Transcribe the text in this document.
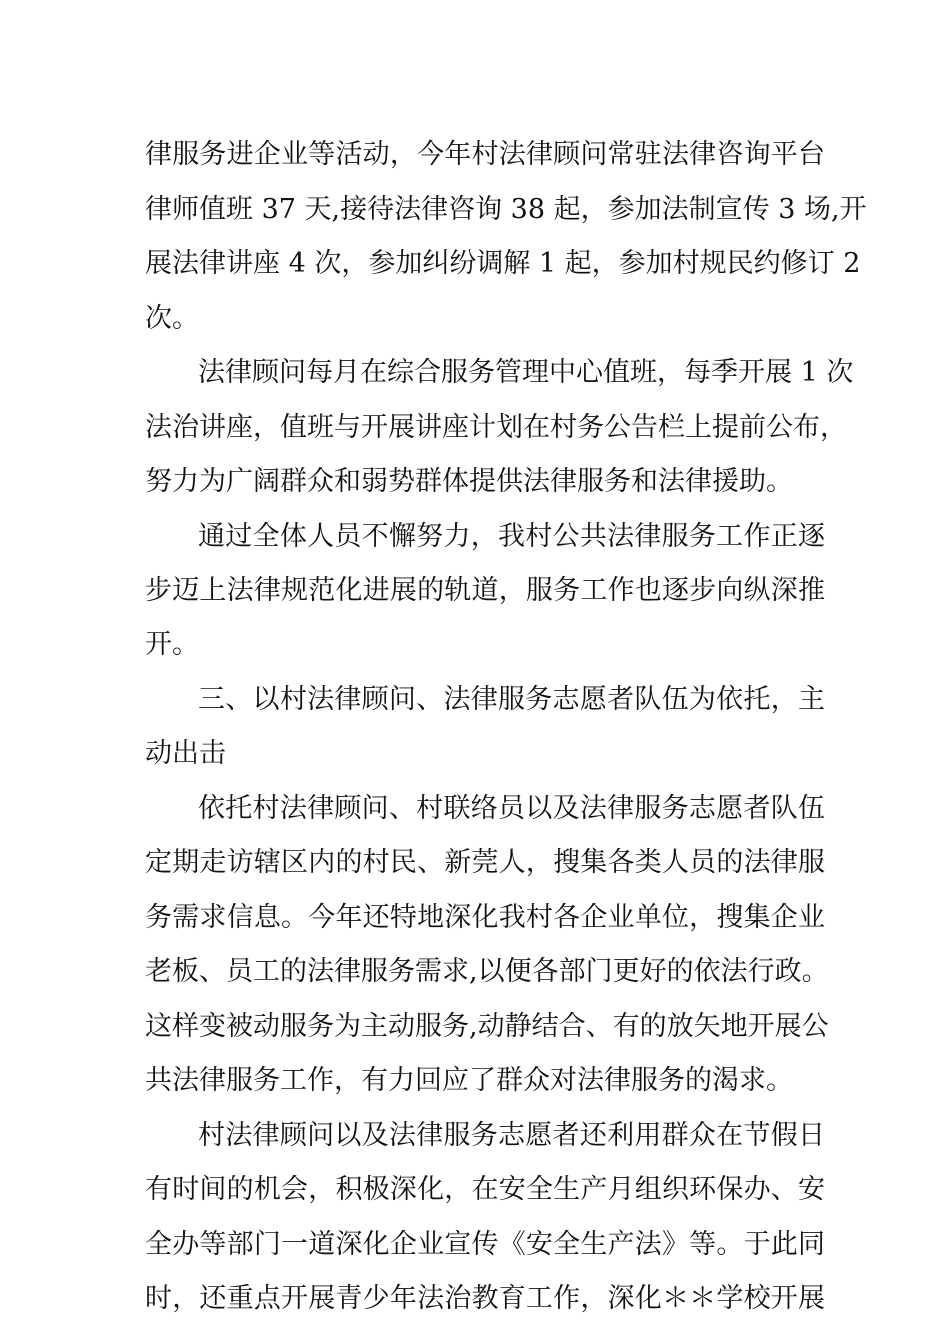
律服务进企业等活动，今年村法律顾问常驻法律咨询平台
律师值班 37 天,接待法律咨询 38 起，参加法制宣传 3 场,开
展法律讲座 4 次，参加纠纷调解 1 起，参加村规民约修订 2
次。
法律顾问每月在综合服务管理中心值班，每季开展 1 次
法治讲座，值班与开展讲座计划在村务公告栏上提前公布，
努力为广阔群众和弱势群体提供法律服务和法律援助。
通过全体人员不懈努力，我村公共法律服务工作正逐
步迈上法律规范化进展的轨道，服务工作也逐步向纵深推
开。
三、以村法律顾问、法律服务志愿者队伍为依托，主
动出击
依托村法律顾问、村联络员以及法律服务志愿者队伍
定期走访辖区内的村民、新莞人，搜集各类人员的法律服
务需求信息。今年还特地深化我村各企业单位，搜集企业
老板、员工的法律服务需求,以便各部门更好的依法行政。
这样变被动服务为主动服务,动静结合、有的放矢地开展公
共法律服务工作，有力回应了群众对法律服务的渴求。
村法律顾问以及法律服务志愿者还利用群众在节假日
有时间的机会，积极深化，在安全生产月组织环保办、安
全办等部门一道深化企业宣传《安全生产法》等。于此同
时，还重点开展青少年法治教育工作，深化＊＊学校开展
